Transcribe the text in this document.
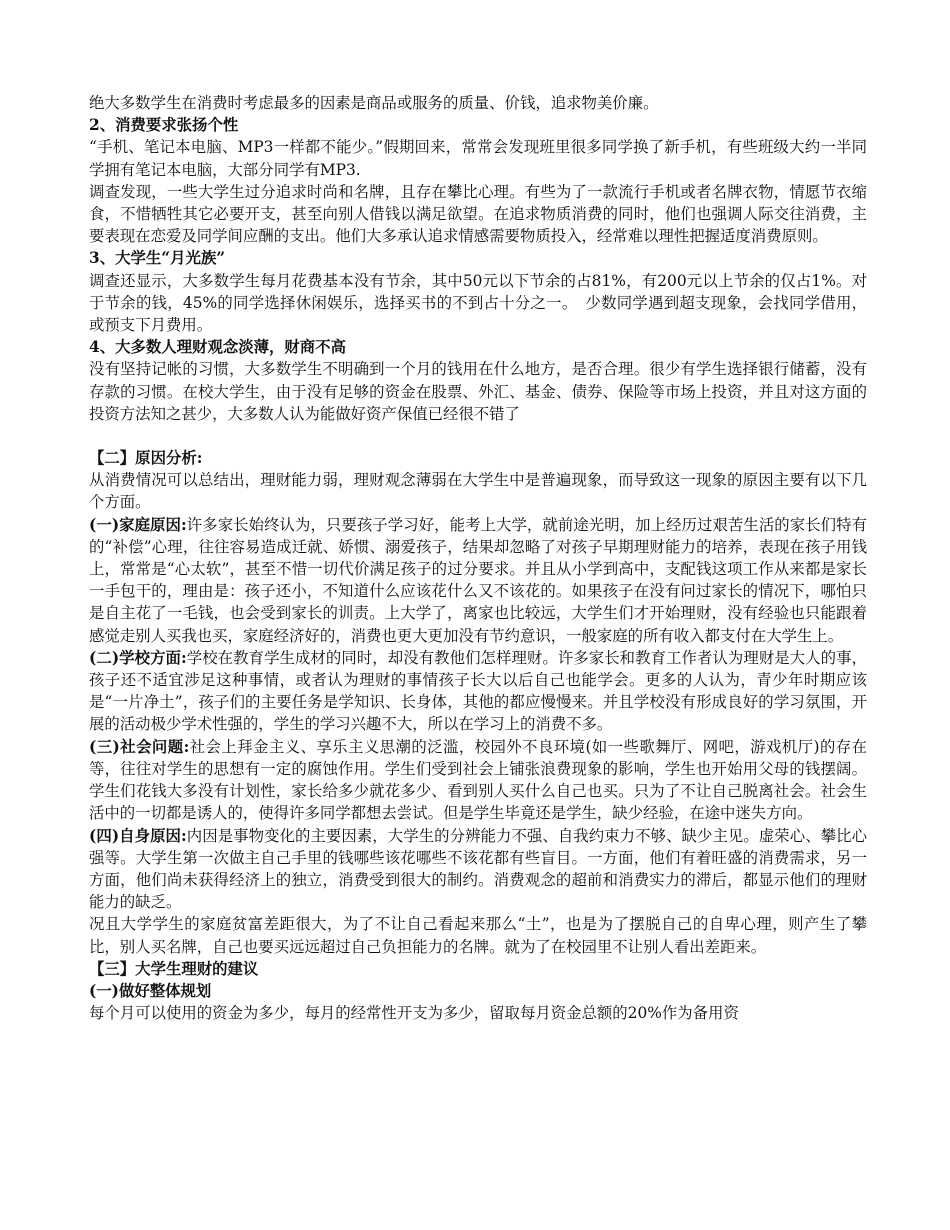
绝大多数学生在消费时考虑最多的因素是商品或服务的质量、价钱，追求物美价廉。

2、消费要求张扬个性

“手机、笔记本电脑、MP3一样都不能少。”假期回来，常常会发现班里很多同学换了新手机，有些班级大约一半同学拥有笔记本电脑，大部分同学有MP3.

调查发现，一些大学生过分追求时尚和名牌，且存在攀比心理。有些为了一款流行手机或者名牌衣物，情愿节衣缩食，不惜牺牲其它必要开支，甚至向别人借钱以满足欲望。在追求物质消费的同时，他们也强调人际交往消费，主要表现在恋爱及同学间应酬的支出。他们大多承认追求情感需要物质投入，经常难以理性把握适度消费原则。

3、大学生“月光族”

调查还显示，大多数学生每月花费基本没有节余，其中50元以下节余的占81%，有200元以上节余的仅占1%。对于节余的钱，45%的同学选择休闲娱乐，选择买书的不到占十分之一。　少数同学遇到超支现象，会找同学借用，或预支下月费用。

4、大多数人理财观念淡薄，财商不高

没有坚持记帐的习惯，大多数学生不明确到一个月的钱用在什么地方，是否合理。很少有学生选择银行储蓄，没有存款的习惯。在校大学生，由于没有足够的资金在股票、外汇、基金、债券、保险等市场上投资，并且对这方面的投资方法知之甚少，大多数人认为能做好资产保值已经很不错了

【二】原因分析:

从消费情况可以总结出，理财能力弱，理财观念薄弱在大学生中是普遍现象，而导致这一现象的原因主要有以下几个方面。

(一)家庭原因:许多家长始终认为，只要孩子学习好，能考上大学，就前途光明，加上经历过艰苦生活的家长们特有的“补偿”心理，往往容易造成迁就、娇惯、溺爱孩子，结果却忽略了对孩子早期理财能力的培养，表现在孩子用钱上，常常是“心太软”，甚至不惜一切代价满足孩子的过分要求。并且从小学到高中，支配钱这项工作从来都是家长一手包干的，理由是：孩子还小，不知道什么应该花什么又不该花的。如果孩子在没有问过家长的情况下，哪怕只是自主花了一毛钱，也会受到家长的训责。上大学了，离家也比较远，大学生们才开始理财，没有经验也只能跟着感觉走别人买我也买，家庭经济好的，消费也更大更加没有节约意识，一般家庭的所有收入都支付在大学生上。

(二)学校方面:学校在教育学生成材的同时，却没有教他们怎样理财。许多家长和教育工作者认为理财是大人的事，孩子还不适宜涉足这种事情，或者认为理财的事情孩子长大以后自己也能学会。更多的人认为，青少年时期应该是“一片净土”，孩子们的主要任务是学知识、长身体，其他的都应慢慢来。并且学校没有形成良好的学习氛围，开展的活动极少学术性强的，学生的学习兴趣不大，所以在学习上的消费不多。

(三)社会问题:社会上拜金主义、享乐主义思潮的泛滥，校园外不良环境(如一些歌舞厅、网吧，游戏机厅)的存在等，往往对学生的思想有一定的腐蚀作用。学生们受到社会上铺张浪费现象的影响，学生也开始用父母的钱摆阔。学生们花钱大多没有计划性，家长给多少就花多少、看到别人买什么自己也买。只为了不让自己脱离社会。社会生活中的一切都是诱人的，使得许多同学都想去尝试。但是学生毕竟还是学生，缺少经验，在途中迷失方向。

(四)自身原因:内因是事物变化的主要因素，大学生的分辨能力不强、自我约束力不够、缺少主见。虚荣心、攀比心强等。大学生第一次做主自己手里的钱哪些该花哪些不该花都有些盲目。一方面，他们有着旺盛的消费需求，另一方面，他们尚未获得经济上的独立，消费受到很大的制约。消费观念的超前和消费实力的滞后，都显示他们的理财能力的缺乏。

况且大学学生的家庭贫富差距很大，为了不让自己看起来那么“土”，也是为了摆脱自己的自卑心理，则产生了攀比，别人买名牌，自己也要买远远超过自己负担能力的名牌。就为了在校园里不让别人看出差距来。

【三】大学生理财的建议

(一)做好整体规划

每个月可以使用的资金为多少，每月的经常性开支为多少，留取每月资金总额的20%作为备用资
